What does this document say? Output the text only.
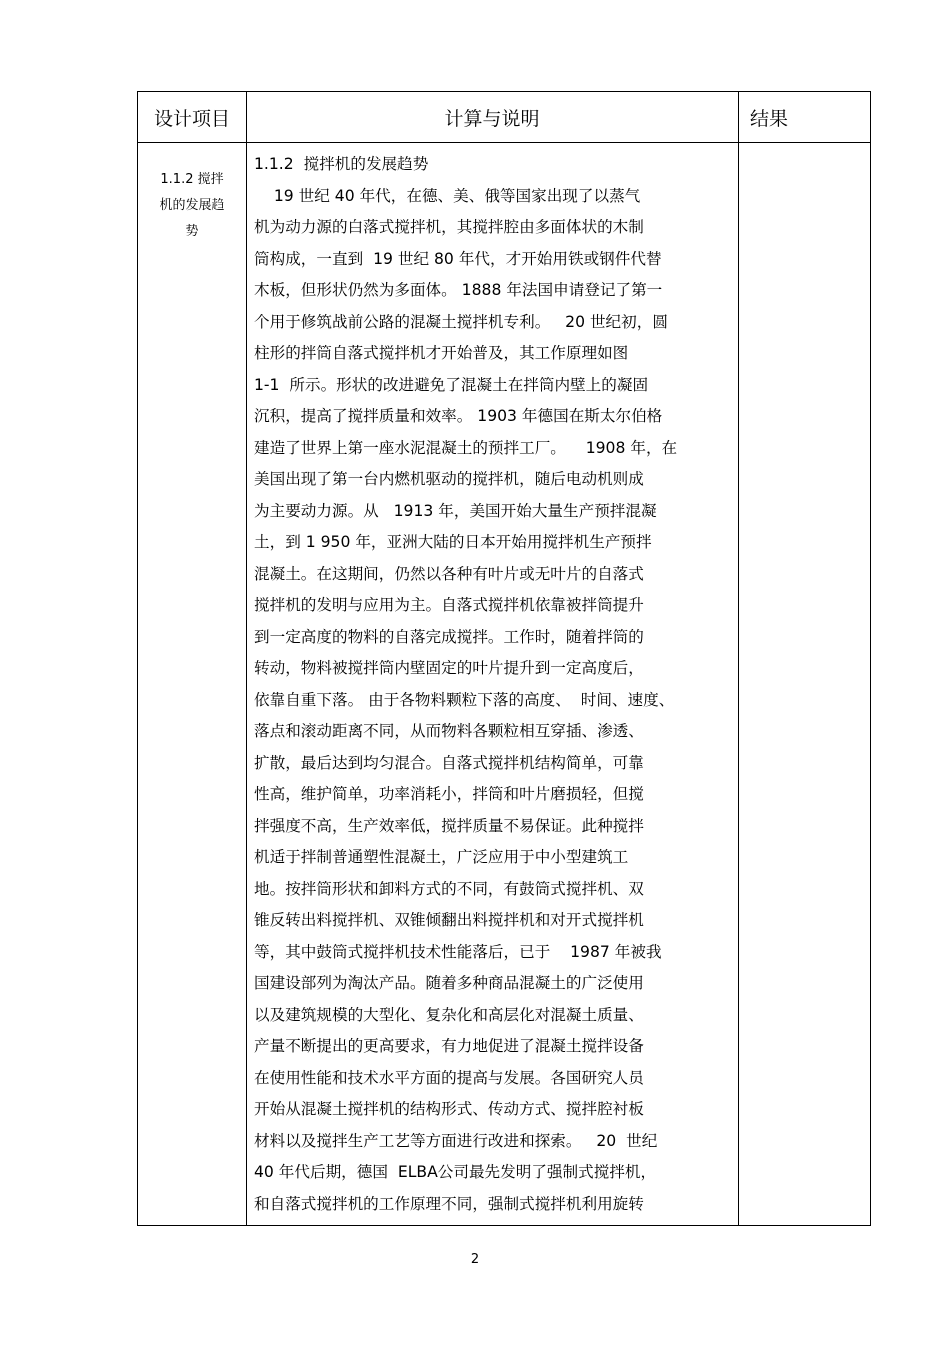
设计项目	计算与说明	结果
1.1.2 搅拌
机的发展趋
势
1.1.2  搅拌机的发展趋势
19 世纪 40 年代，在德、美、俄等国家出现了以蒸气
机为动力源的白落式搅拌机，其搅拌腔由多面体状的木制
筒构成，一直到  19 世纪 80 年代，才开始用铁或钢件代替
木板，但形状仍然为多面体。 1888 年法国申请登记了第一
个用于修筑战前公路的混凝土搅拌机专利。   20 世纪初，圆
柱形的拌筒自落式搅拌机才开始普及，其工作原理如图
1-1  所示。形状的改进避免了混凝土在拌筒内壁上的凝固
沉积，提高了搅拌质量和效率。 1903 年德国在斯太尔伯格
建造了世界上第一座水泥混凝土的预拌工厂。    1908 年，在
美国出现了第一台内燃机驱动的搅拌机，随后电动机则成
为主要动力源。从   1913 年，美国开始大量生产预拌混凝
土，到 1 950 年，亚洲大陆的日本开始用搅拌机生产预拌
混凝土。在这期间，仍然以各种有叶片或无叶片的自落式
搅拌机的发明与应用为主。自落式搅拌机依靠被拌筒提升
到一定高度的物料的自落完成搅拌。工作时，随着拌筒的
转动，物料被搅拌筒内壁固定的叶片提升到一定高度后，
依靠自重下落。 由于各物料颗粒下落的高度、  时间、速度、
落点和滚动距离不同，从而物料各颗粒相互穿插、渗透、
扩散，最后达到均匀混合。自落式搅拌机结构简单，可靠
性高，维护简单，功率消耗小，拌筒和叶片磨损轻，但搅
拌强度不高，生产效率低，搅拌质量不易保证。此种搅拌
机适于拌制普通塑性混凝土，广泛应用于中小型建筑工
地。按拌筒形状和卸料方式的不同，有鼓筒式搅拌机、双
锥反转出料搅拌机、双锥倾翻出料搅拌机和对开式搅拌机
等，其中鼓筒式搅拌机技术性能落后，已于    1987 年被我
国建设部列为淘汰产品。随着多种商品混凝土的广泛使用
以及建筑规模的大型化、复杂化和高层化对混凝土质量、
产量不断提出的更高要求，有力地促进了混凝土搅拌设备
在使用性能和技术水平方面的提高与发展。各国研究人员
开始从混凝土搅拌机的结构形式、传动方式、搅拌腔衬板
材料以及搅拌生产工艺等方面进行改进和探索。   20  世纪
40 年代后期，德国  ELBA公司最先发明了强制式搅拌机，
和自落式搅拌机的工作原理不同，强制式搅拌机利用旋转
2
